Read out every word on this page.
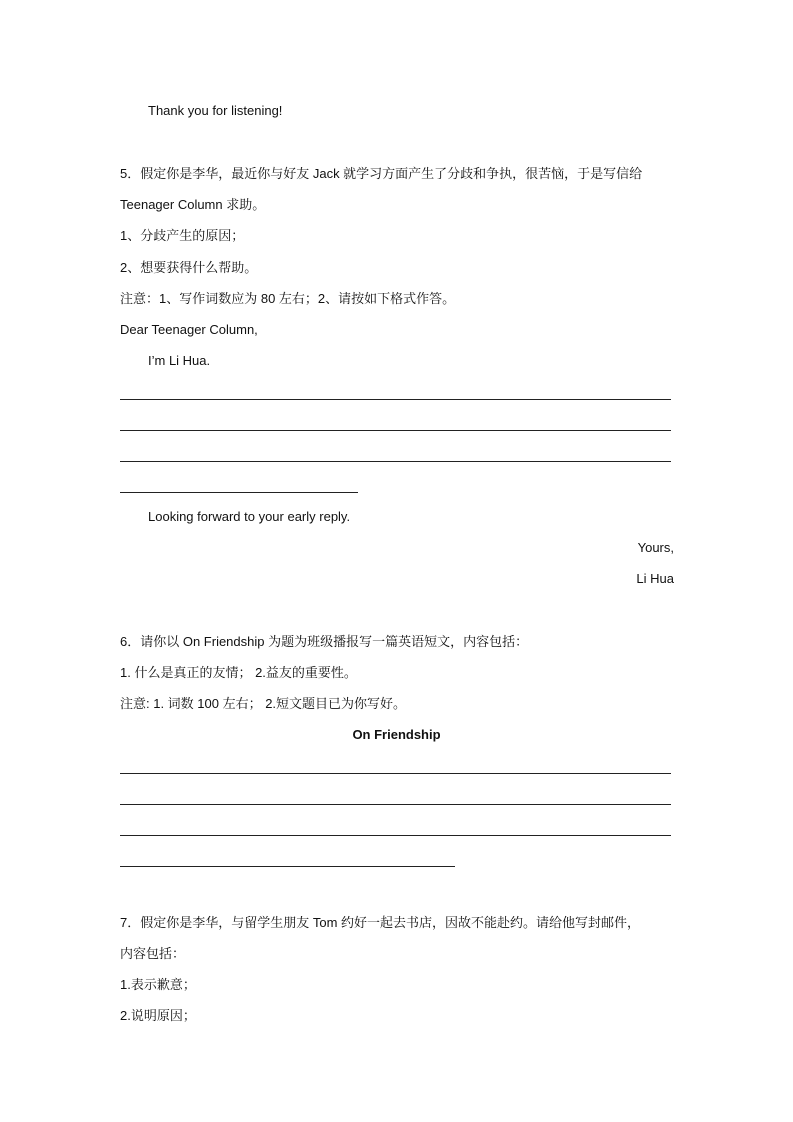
Thank you for listening!
5．假定你是李华，最近你与好友 Jack 就学习方面产生了分歧和争执，很苦恼，于是写信给
Teenager Column 求助。
1、分歧产生的原因；
2、想要获得什么帮助。
注意：1、写作词数应为 80 左右；2、请按如下格式作答。
Dear Teenager Column,
I’m Li Hua.
Looking forward to your early reply.
Yours,
Li Hua
6．请你以 On Friendship 为题为班级播报写一篇英语短文，内容包括：
1. 什么是真正的友情； 2.益友的重要性。
注意: 1. 词数 100 左右； 2.短文题目已为你写好。
On Friendship
7．假定你是李华，与留学生朋友 Tom 约好一起去书店，因故不能赴约。请给他写封邮件，
内容包括：
1.表示歉意；
2.说明原因；
